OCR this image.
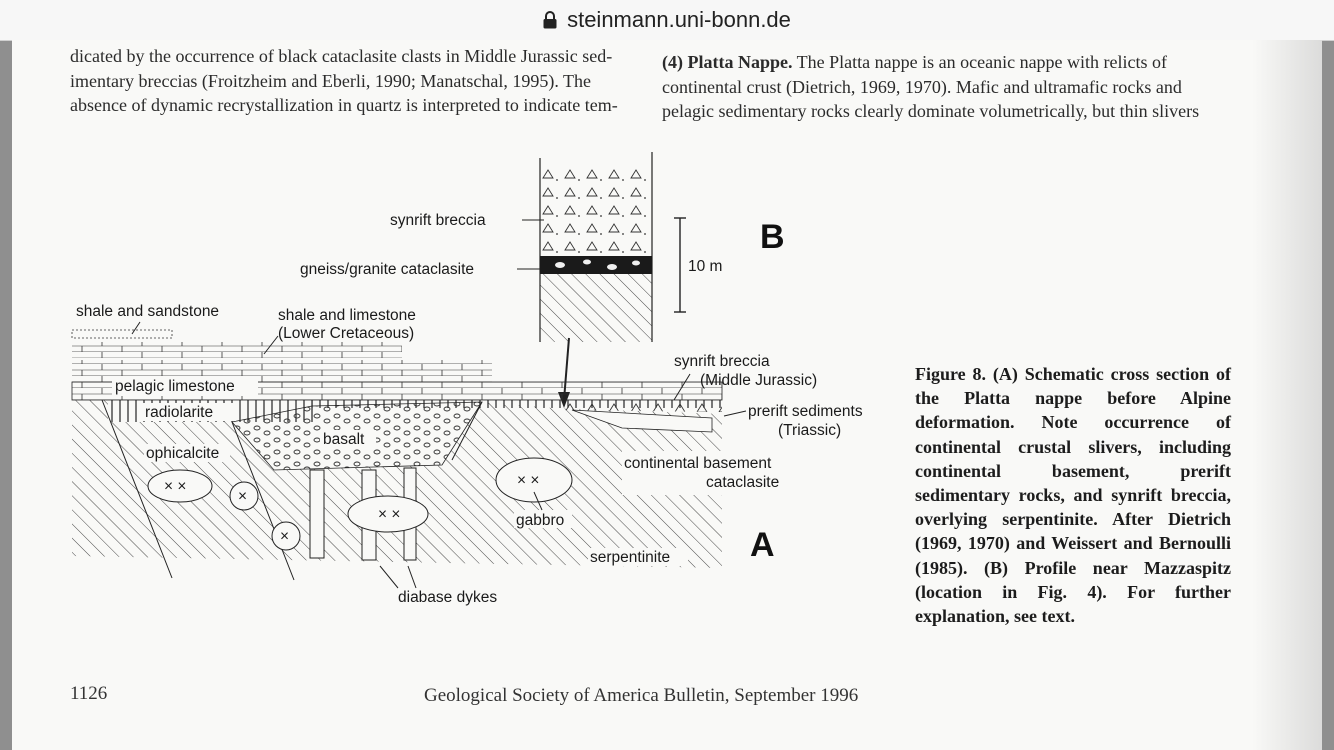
steinmann.uni-bonn.de
dicated by the occurrence of black cataclasite clasts in Middle Jurassic sed-
imentary breccias (Froitzheim and Eberli, 1990; Manatschal, 1995). The
absence of dynamic recrystallization in quartz is interpreted to indicate tem-
(4) Platta Nappe. The Platta nappe is an oceanic nappe with relicts of
continental crust (Dietrich, 1969, 1970). Mafic and ultramafic rocks and
pelagic sedimentary rocks clearly dominate volumetrically, but thin slivers
10 m
B
synrift breccia
gneiss/granite cataclasite
× ×
×
×
× ×
× ×
A
shale and sandstone	shale and limestone
(Lower Cretaceous)
pelagic limestone
radiolarite
ophicalcite
basalt
synrift breccia
(Middle Jurassic)
prerift sediments
(Triassic)
continental basement
cataclasite
gabbro
serpentinite
diabase dykes
Figure 8. (A) Schematic cross section of the Platta nappe before Alpine deformation. Note occurrence of continental crustal slivers, including continental basement, prerift sedimentary rocks, and synrift breccia, overlying serpentinite. After Dietrich (1969, 1970) and Weissert and Bernoulli (1985). (B) Profile near Mazzaspitz (location in Fig. 4). For further explanation, see text.
1126	Geological Society of America Bulletin, September 1996
